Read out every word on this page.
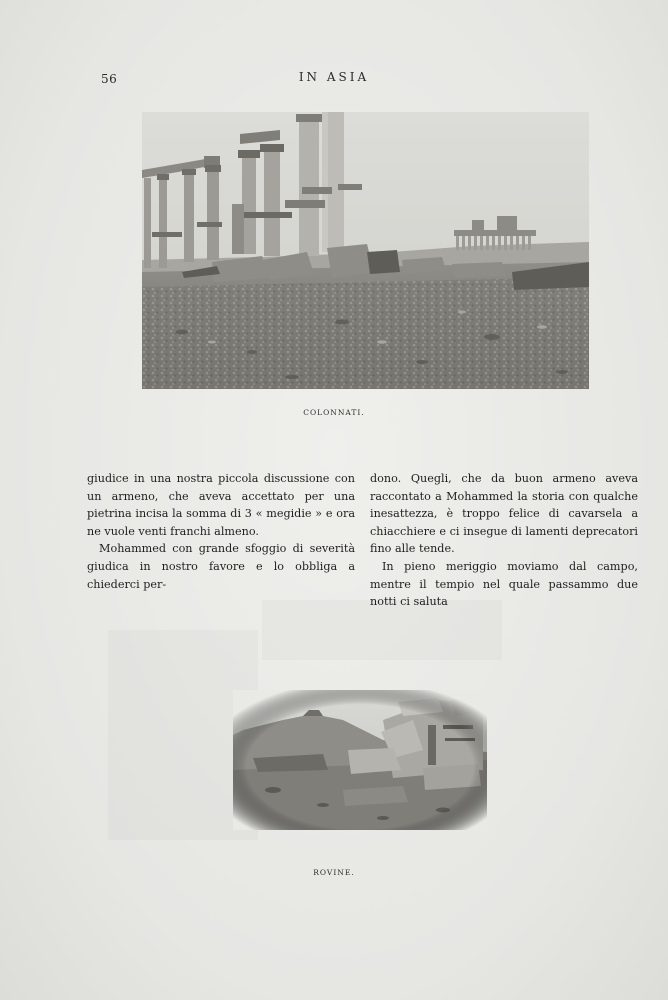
56	IN ASIA
COLONNATI.

giudice in una nostra piccola discussione con un armeno, che aveva accettato per una pietrina incisa la somma di 3 « megidie » e ora ne vuole venti franchi almeno.

Mohammed con grande sfoggio di severità giudica in nostro favore e lo obbliga a chiederci per-

dono. Quegli, che da buon armeno aveva raccontato a Mohammed la storia con qualche inesattezza, è troppo felice di cavarsela a chiacchiere e ci insegue di lamenti deprecatori fino alle tende.

In pieno meriggio moviamo dal campo, mentre il tempio nel quale passammo due notti ci saluta

ROVINE.
